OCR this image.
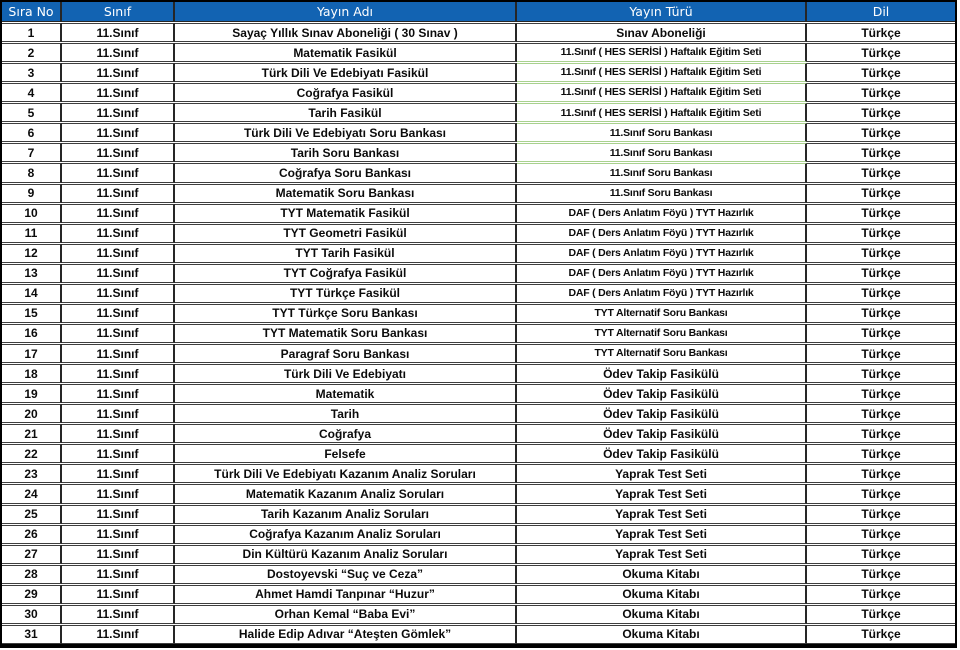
Sıra No	Sınıf	Yayın Adı	Yayın Türü	Dil
1	11.Sınıf	Sayaç Yıllık Sınav Aboneliği ( 30 Sınav )	Sınav Aboneliği	Türkçe
2	11.Sınıf	Matematik Fasikül	11.Sınıf ( HES SERİSİ ) Haftalık Eğitim Seti	Türkçe
3	11.Sınıf	Türk Dili Ve Edebiyatı Fasikül	11.Sınıf ( HES SERİSİ ) Haftalık Eğitim Seti	Türkçe
4	11.Sınıf	Coğrafya Fasikül	11.Sınıf ( HES SERİSİ ) Haftalık Eğitim Seti	Türkçe
5	11.Sınıf	Tarih Fasikül	11.Sınıf ( HES SERİSİ ) Haftalık Eğitim Seti	Türkçe
6	11.Sınıf	Türk Dili Ve Edebiyatı Soru Bankası	11.Sınıf Soru Bankası	Türkçe
7	11.Sınıf	Tarih Soru Bankası	11.Sınıf Soru Bankası	Türkçe
8	11.Sınıf	Coğrafya Soru Bankası	11.Sınıf Soru Bankası	Türkçe
9	11.Sınıf	Matematik Soru Bankası	11.Sınıf Soru Bankası	Türkçe
10	11.Sınıf	TYT Matematik Fasikül	DAF ( Ders Anlatım Föyü ) TYT Hazırlık	Türkçe
11	11.Sınıf	TYT Geometri Fasikül	DAF ( Ders Anlatım Föyü ) TYT Hazırlık	Türkçe
12	11.Sınıf	TYT Tarih Fasikül	DAF ( Ders Anlatım Föyü ) TYT Hazırlık	Türkçe
13	11.Sınıf	TYT Coğrafya Fasikül	DAF ( Ders Anlatım Föyü ) TYT Hazırlık	Türkçe
14	11.Sınıf	TYT Türkçe Fasikül	DAF ( Ders Anlatım Föyü ) TYT Hazırlık	Türkçe
15	11.Sınıf	TYT Türkçe Soru Bankası	TYT Alternatif Soru Bankası	Türkçe
16	11.Sınıf	TYT Matematik Soru Bankası	TYT Alternatif Soru Bankası	Türkçe
17	11.Sınıf	Paragraf Soru Bankası	TYT Alternatif Soru Bankası	Türkçe
18	11.Sınıf	Türk Dili Ve Edebiyatı	Ödev Takip Fasikülü	Türkçe
19	11.Sınıf	Matematik	Ödev Takip Fasikülü	Türkçe
20	11.Sınıf	Tarih	Ödev Takip Fasikülü	Türkçe
21	11.Sınıf	Coğrafya	Ödev Takip Fasikülü	Türkçe
22	11.Sınıf	Felsefe	Ödev Takip Fasikülü	Türkçe
23	11.Sınıf	Türk Dili Ve Edebiyatı Kazanım Analiz Soruları	Yaprak Test Seti	Türkçe
24	11.Sınıf	Matematik Kazanım Analiz Soruları	Yaprak Test Seti	Türkçe
25	11.Sınıf	Tarih Kazanım Analiz Soruları	Yaprak Test Seti	Türkçe
26	11.Sınıf	Coğrafya Kazanım Analiz Soruları	Yaprak Test Seti	Türkçe
27	11.Sınıf	Din Kültürü Kazanım Analiz Soruları	Yaprak Test Seti	Türkçe
28	11.Sınıf	Dostoyevski “Suç ve Ceza”	Okuma Kitabı	Türkçe
29	11.Sınıf	Ahmet Hamdi Tanpınar “Huzur”	Okuma Kitabı	Türkçe
30	11.Sınıf	Orhan Kemal “Baba Evi”	Okuma Kitabı	Türkçe
31	11.Sınıf	Halide Edip Adıvar “Ateşten Gömlek”	Okuma Kitabı	Türkçe
